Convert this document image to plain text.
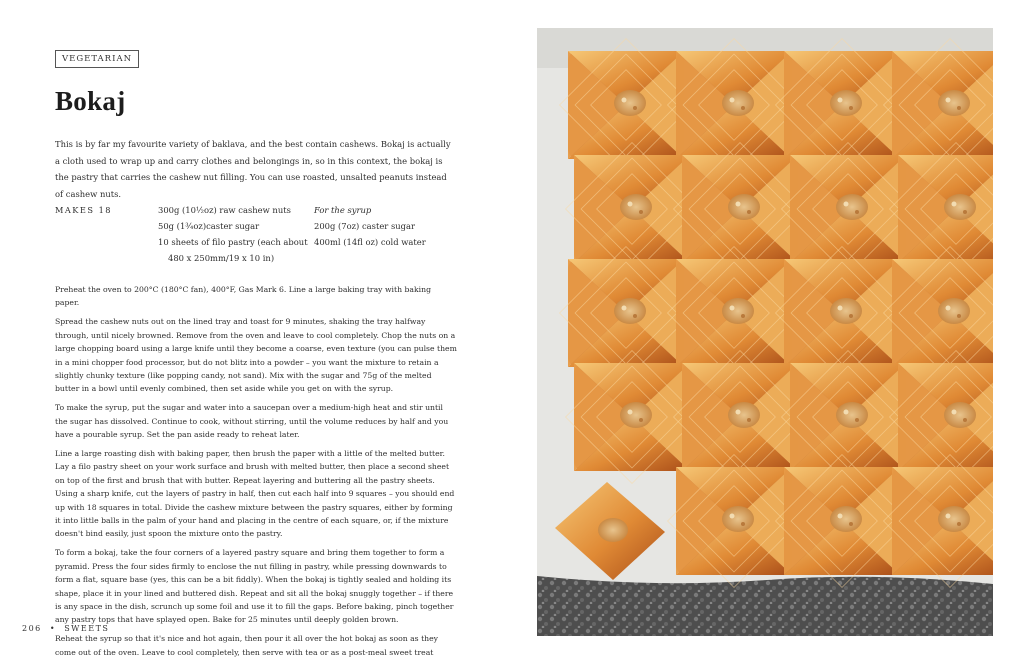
VEGETARIAN
Bokaj

This is by far my favourite variety of baklava, and the best contain cashews. Bokaj is actually a cloth used to wrap up and carry clothes and belongings in, so in this context, the bokaj is the pastry that carries the cashew nut filling. You can use roasted, unsalted peanuts instead of cashew nuts.

MAKES 18	300g (10½oz) raw cashew nuts
50g (1¾oz)caster sugar
10 sheets of filo pastry (each about
480 x 250mm/19 x 10 in)
For the syrup
200g (7oz) caster sugar
400ml (14fl oz) cold water

Preheat the oven to 200°C (180°C fan), 400°F, Gas Mark 6. Line a large baking tray with baking paper.

Spread the cashew nuts out on the lined tray and toast for 9 minutes, shaking the tray halfway through, until nicely browned. Remove from the oven and leave to cool completely. Chop the nuts on a large chopping board using a large knife until they become a coarse, even texture (you can pulse them in a mini chopper food processor, but do not blitz into a powder – you want the mixture to retain a slightly chunky texture (like popping candy, not sand). Mix with the sugar and 75g of the melted butter in a bowl until evenly combined, then set aside while you get on with the syrup.

To make the syrup, put the sugar and water into a saucepan over a medium-high heat and stir until the sugar has dissolved. Continue to cook, without stirring, until the volume reduces by half and you have a pourable syrup. Set the pan aside ready to reheat later.

Line a large roasting dish with baking paper, then brush the paper with a little of the melted butter. Lay a filo pastry sheet on your work surface and brush with melted butter, then place a second sheet on top of the first and brush that with butter. Repeat layering and buttering all the pastry sheets. Using a sharp knife, cut the layers of pastry in half, then cut each half into 9 squares – you should end up with 18 squares in total. Divide the cashew mixture between the pastry squares, either by forming it into little balls in the palm of your hand and placing in the centre of each square, or, if the mixture doesn't bind easily, just spoon the mixture onto the pastry.

To form a bokaj, take the four corners of a layered pastry square and bring them together to form a pyramid. Press the four sides firmly to enclose the nut filling in pastry, while pressing downwards to form a flat, square base (yes, this can be a bit fiddly). When the bokaj is tightly sealed and holding its shape, place it in your lined and buttered dish. Repeat and sit all the bokaj snuggly together – if there is any space in the dish, scrunch up some foil and use it to fill the gaps. Before baking, pinch together any pastry tops that have splayed open. Bake for 25 minutes until deeply golden brown.

Reheat the syrup so that it's nice and hot again, then pour it all over the hot bokaj as soon as they come out of the oven. Leave to cool completely, then serve with tea or as a post-meal sweet treat

206  •  SWEETS
